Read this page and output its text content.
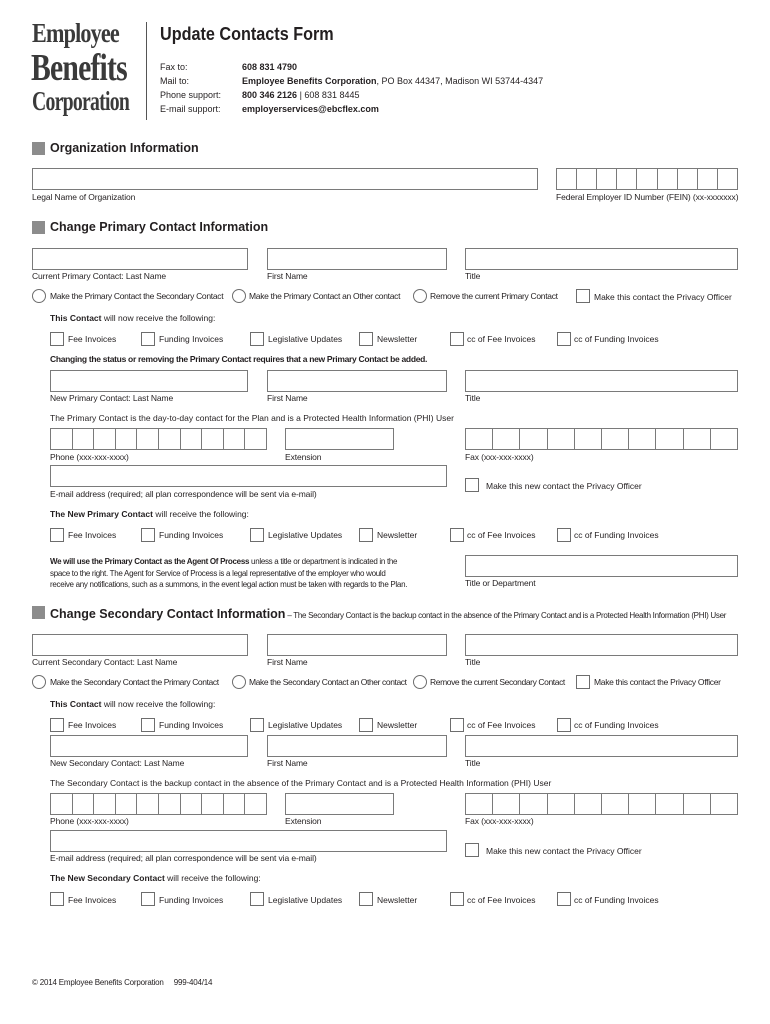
Employee
Benefits
Corporation
Update Contacts Form
Fax to:	608 831 4790
Mail to:	Employee Benefits Corporation, PO Box 44347, Madison WI 53744-4347
Phone support: 800 346 2126 | 608 831 8445
E-mail support: employerservices@ebcflex.com
Organization Information
Legal Name of Organization	Federal Employer ID Number (FEIN) (xx-xxxxxxx)
Change Primary Contact Information
Current Primary Contact: Last Name	First Name	Title
Make the Primary Contact the Secondary Contact	Make the Primary Contact an Other contact	Remove the current Primary Contact	Make this contact the Privacy Officer
This Contact will now receive the following:
Fee Invoices	Funding Invoices	Legislative Updates	Newsletter	cc of Fee Invoices	cc of Funding Invoices
Changing the status or removing the Primary Contact requires that a new Primary Contact be added.
New Primary Contact: Last Name	First Name	Title
The Primary Contact is the day-to-day contact for the Plan and is a Protected Health Information (PHI) User
Phone (xxx-xxx-xxxx)	Extension	Fax (xxx-xxx-xxxx)
E-mail address (required; all plan correspondence will be sent via e-mail)
Make this new contact the Privacy Officer
The New Primary Contact will receive the following:
Fee Invoices	Funding Invoices	Legislative Updates	Newsletter	cc of Fee Invoices	cc of Funding Invoices
We will use the Primary Contact as the Agent Of Process unless a title or department is indicated in the
space to the right. The Agent for Service of Process is a legal representative of the employer who would
receive any notifications, such as a summons, in the event legal action must be taken with regards to the Plan.	Title or Department
Change Secondary Contact Information – The Secondary Contact is the backup contact in the absence of the Primary Contact and is a Protected Health Information (PHI) User
Current Secondary Contact: Last Name	First Name	Title
Make the Secondary Contact the Primary Contact	Make the Secondary Contact an Other contact	Remove the current Secondary Contact	Make this contact the Privacy Officer
This Contact will now receive the following:
Fee Invoices	Funding Invoices	Legislative Updates	Newsletter	cc of Fee Invoices	cc of Funding Invoices
New Secondary Contact: Last Name	First Name	Title
The Secondary Contact is the backup contact in the absence of the Primary Contact and is a Protected Health Information (PHI) User
Phone (xxx-xxx-xxxx)	Extension	Fax (xxx-xxx-xxxx)
E-mail address (required; all plan correspondence will be sent via e-mail)
Make this new contact the Privacy Officer
The New Secondary Contact will receive the following:
Fee Invoices	Funding Invoices	Legislative Updates	Newsletter	cc of Fee Invoices	cc of Funding Invoices
© 2014 Employee Benefits Corporation     999-404/14
